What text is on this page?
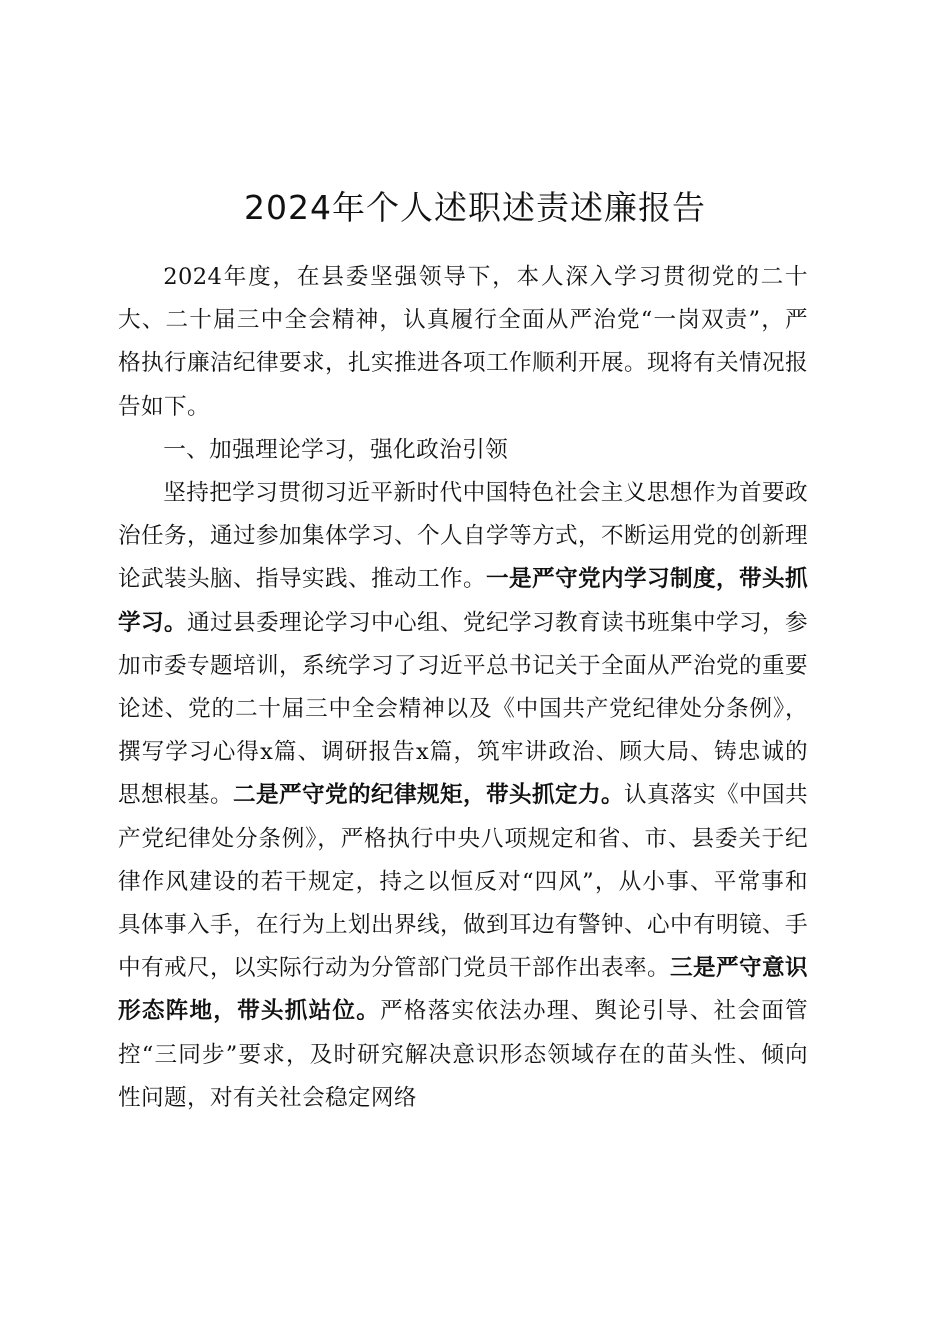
2024年个人述职述责述廉报告

2024年度，在县委坚强领导下，本人深入学习贯彻党的二十大、二十届三中全会精神，认真履行全面从严治党“一岗双责”，严格执行廉洁纪律要求，扎实推进各项工作顺利开展。现将有关情况报告如下。

一、加强理论学习，强化政治引领

坚持把学习贯彻习近平新时代中国特色社会主义思想作为首要政治任务，通过参加集体学习、个人自学等方式，不断运用党的创新理论武装头脑、指导实践、推动工作。一是严守党内学习制度，带头抓学习。通过县委理论学习中心组、党纪学习教育读书班集中学习，参加市委专题培训，系统学习了习近平总书记关于全面从严治党的重要论述、党的二十届三中全会精神以及《中国共产党纪律处分条例》，撰写学习心得x篇、调研报告x篇，筑牢讲政治、顾大局、铸忠诚的思想根基。二是严守党的纪律规矩，带头抓定力。认真落实《中国共产党纪律处分条例》，严格执行中央八项规定和省、市、县委关于纪律作风建设的若干规定，持之以恒反对“四风”，从小事、平常事和具体事入手，在行为上划出界线，做到耳边有警钟、心中有明镜、手中有戒尺，以实际行动为分管部门党员干部作出表率。三是严守意识形态阵地，带头抓站位。严格落实依法办理、舆论引导、社会面管控“三同步”要求，及时研究解决意识形态领域存在的苗头性、倾向性问题，对有关社会稳定网络
